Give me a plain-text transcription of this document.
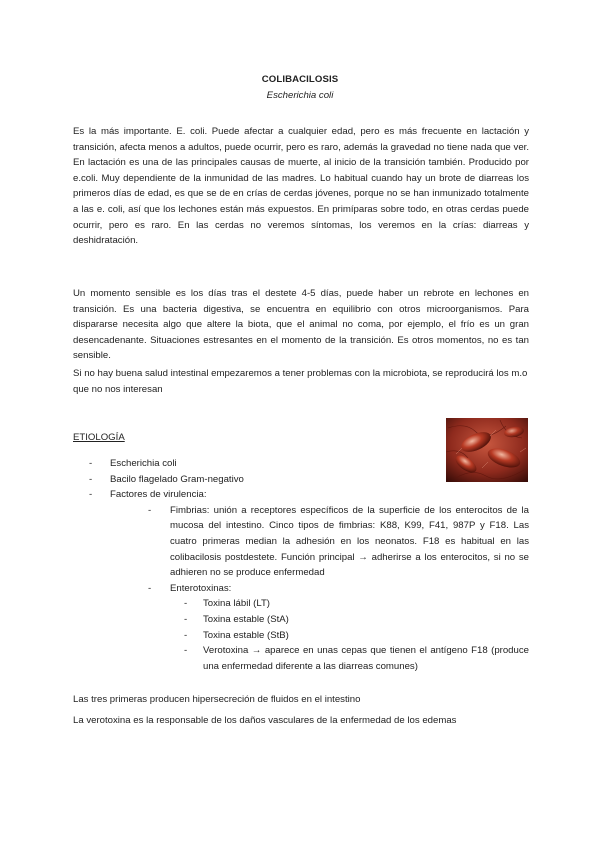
COLIBACILOSIS
Escherichia coli

Es la más importante. E. coli. Puede afectar a cualquier edad, pero es más frecuente en lactación y transición, afecta menos a adultos, puede ocurrir, pero es raro, además la gravedad no tiene nada que ver. En lactación es una de las principales causas de muerte, al inicio de la transición también. Producido por e.coli. Muy dependiente de la inmunidad de las madres. Lo habitual cuando hay un brote de diarreas los primeros días de edad, es que se de en crías de cerdas jóvenes, porque no se han inmunizado totalmente a las e. coli, así que los lechones están más expuestos. En primíparas sobre todo, en otras cerdas puede ocurrir, pero es raro. En las cerdas no veremos síntomas, los veremos en la crías: diarreas y deshidratación.

Un momento sensible es los días tras el destete 4-5 días, puede haber un rebrote en lechones en transición. Es una bacteria digestiva, se encuentra en equilibrio con otros microorganismos. Para dispararse necesita algo que altere la biota, que el animal no coma, por ejemplo, el frío es un gran desencadenante. Situaciones estresantes en el momento de la transición. Es otros momentos, no es tan sensible.

Si no hay buena salud intestinal empezaremos a tener problemas con la microbiota, se reproducirá los m.o que no nos interesan

ETIOLOGÍA
- Escherichia coli
- Bacilo flagelado Gram-negativo
- Factores de virulencia:
- Fimbrias: unión a receptores específicos de la superficie de los enterocitos de la mucosa del intestino. Cinco tipos de fimbrias: K88, K99, F41, 987P y F18. Las cuatro primeras median la adhesión en los neonatos. F18 es habitual en las colibacilosis postdestete. Función principal → adherirse a los enterocitos, si no se adhieren no se produce enfermedad
- Enterotoxinas:
- Toxina lábil (LT)
- Toxina estable (StA)
- Toxina estable (StB)
- Verotoxina → aparece en unas cepas que tienen el antígeno F18 (produce una enfermedad diferente a las diarreas comunes)

Las tres primeras producen hipersecreción de fluidos en el intestino

La verotoxina es la responsable de los daños vasculares de la enfermedad de los edemas
